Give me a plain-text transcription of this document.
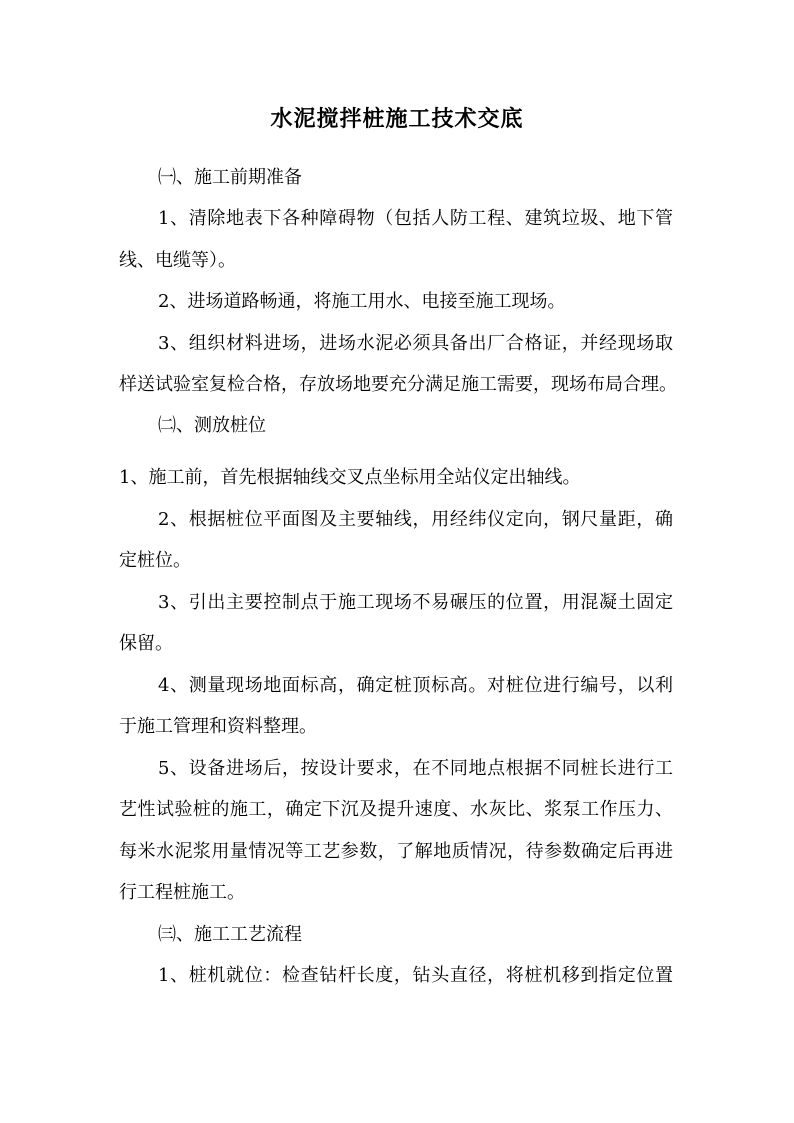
水泥搅拌桩施工技术交底
㈠、施工前期准备
1、清除地表下各种障碍物（包括人防工程、建筑垃圾、地下管
线、电缆等）。
2、进场道路畅通，将施工用水、电接至施工现场。
3、组织材料进场，进场水泥必须具备出厂合格证，并经现场取
样送试验室复检合格，存放场地要充分满足施工需要，现场布局合理。
㈡、测放桩位
1、施工前，首先根据轴线交叉点坐标用全站仪定出轴线。
2、根据桩位平面图及主要轴线，用经纬仪定向，钢尺量距，确
定桩位。
3、引出主要控制点于施工现场不易碾压的位置，用混凝土固定
保留。
4、测量现场地面标高，确定桩顶标高。对桩位进行编号，以利
于施工管理和资料整理。
5、设备进场后，按设计要求，在不同地点根据不同桩长进行工
艺性试验桩的施工，确定下沉及提升速度、水灰比、浆泵工作压力、
每米水泥浆用量情况等工艺参数，了解地质情况，待参数确定后再进
行工程桩施工。
㈢、施工工艺流程
1、桩机就位：检查钻杆长度，钻头直径，将桩机移到指定位置
